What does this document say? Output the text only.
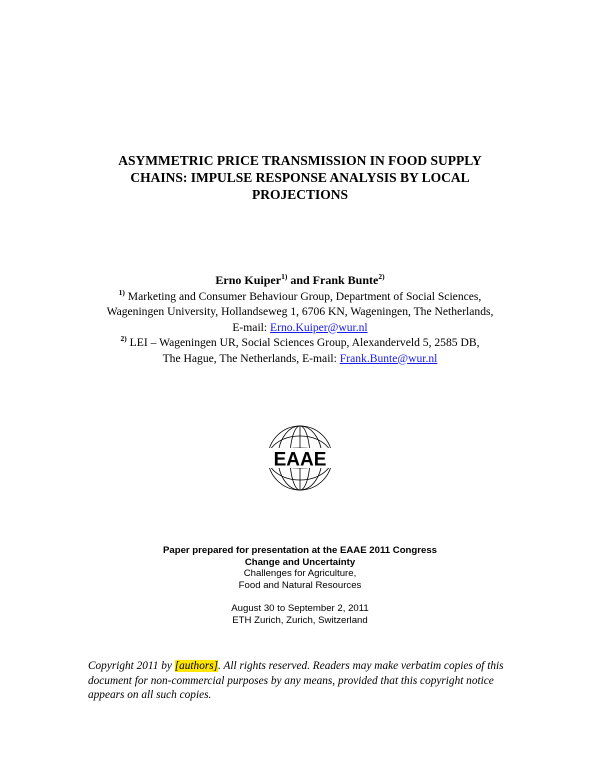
ASYMMETRIC PRICE TRANSMISSION IN FOOD SUPPLY
CHAINS: IMPULSE RESPONSE ANALYSIS BY LOCAL
PROJECTIONS
Erno Kuiper$^{1)}$ and Frank Bunte$^{2)}$
$^{1)}$ Marketing and Consumer Behaviour Group, Department of Social Sciences,
Wageningen University, Hollandseweg 1, 6706 KN, Wageningen, The Netherlands,
E-mail: Erno.Kuiper@wur.nl
$^{2)}$ LEI – Wageningen UR, Social Sciences Group, Alexanderveld 5, 2585 DB,
The Hague, The Netherlands, E-mail: Frank.Bunte@wur.nl
EAAE
Paper prepared for presentation at the EAAE 2011 Congress
Change and Uncertainty
Challenges for Agriculture,
Food and Natural Resources
August 30 to September 2, 2011
ETH Zurich, Zurich, Switzerland
Copyright 2011 by [authors]. All rights reserved. Readers may make verbatim copies of this document for non-commercial purposes by any means, provided that this copyright notice appears on all such copies.
